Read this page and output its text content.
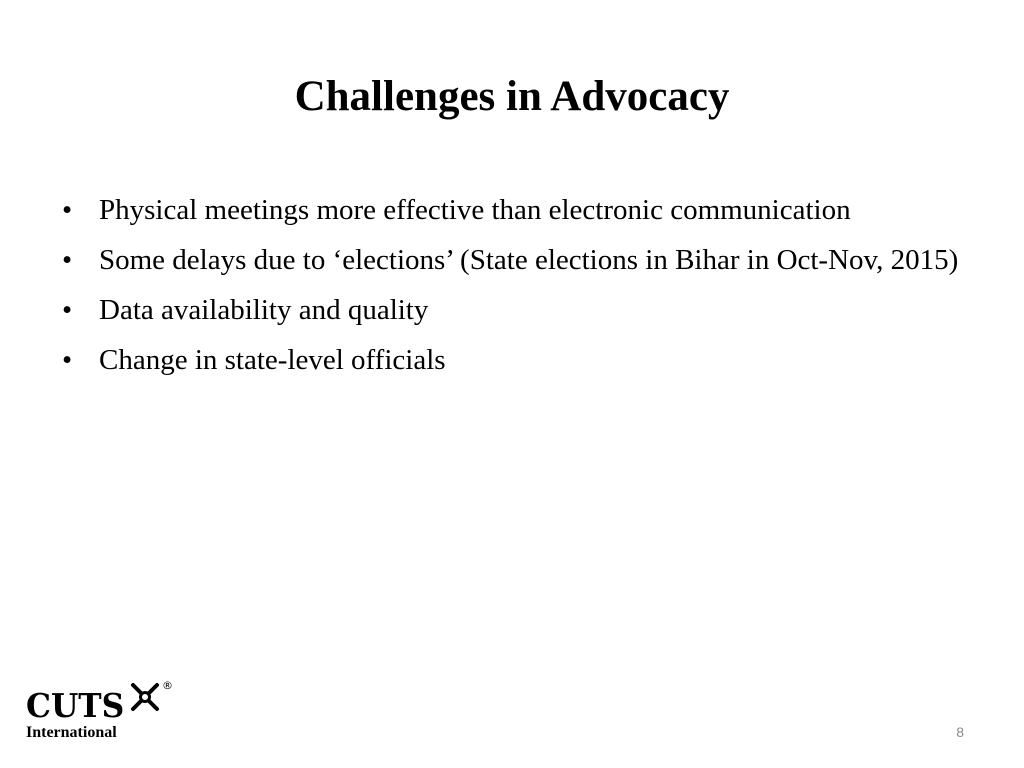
Challenges in Advocacy
• Physical meetings more effective than electronic communication
• Some delays due to ‘elections’ (State elections in Bihar in Oct-Nov, 2015)
• Data availability and quality
• Change in state-level officials
CUTS
®
International	8
